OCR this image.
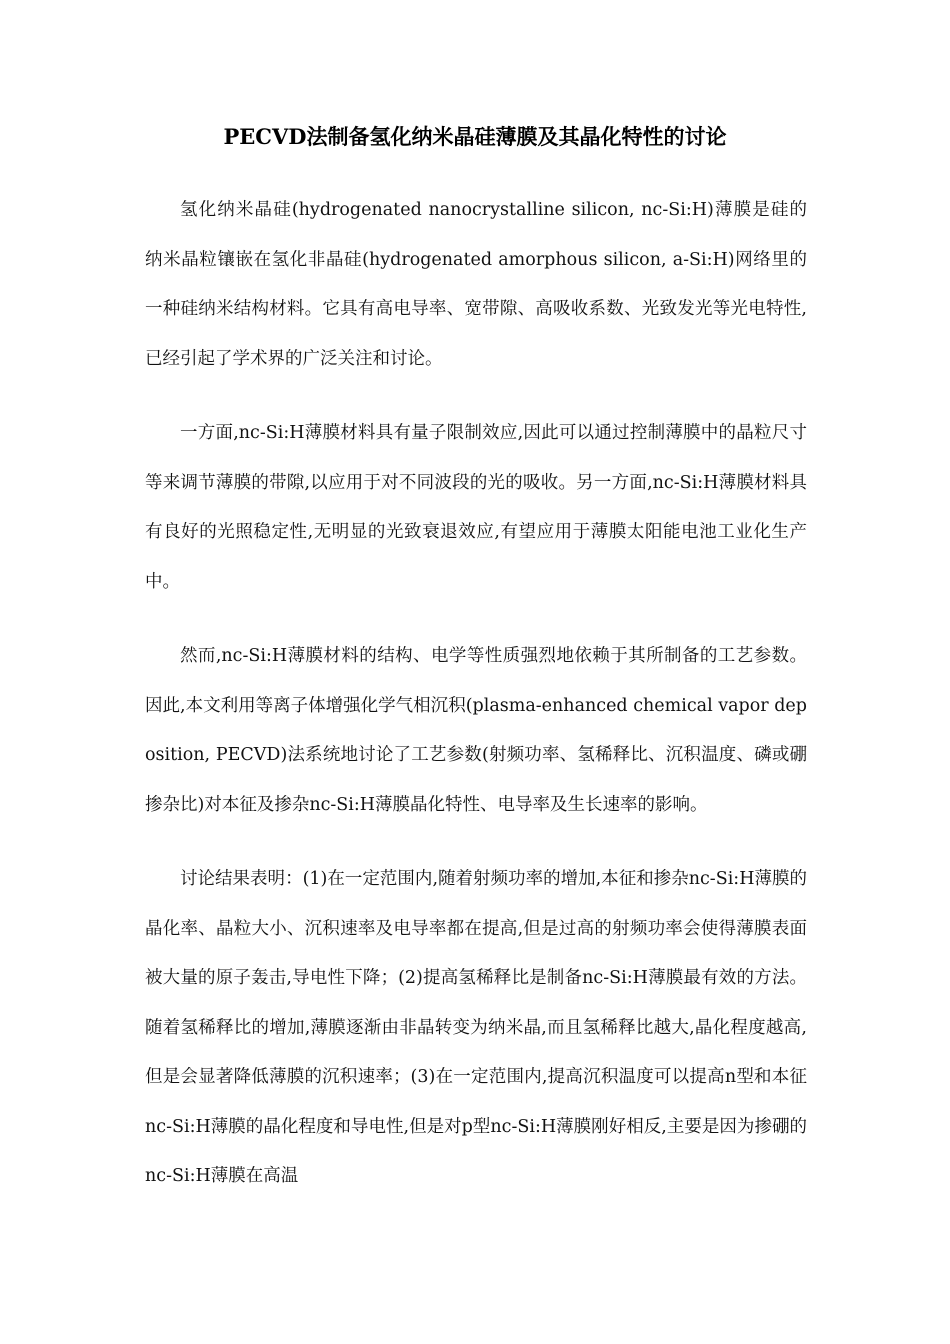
PECVD法制备氢化纳米晶硅薄膜及其晶化特性的讨论

氢化纳米晶硅(hydrogenated nanocrystalline silicon, nc-Si:H)薄膜是硅的纳米晶粒镶嵌在氢化非晶硅(hydrogenated amorphous silicon, a-Si:H)网络里的一种硅纳米结构材料。它具有高电导率、宽带隙、高吸收系数、光致发光等光电特性,已经引起了学术界的广泛关注和讨论。

一方面,nc-Si:H薄膜材料具有量子限制效应,因此可以通过控制薄膜中的晶粒尺寸等来调节薄膜的带隙,以应用于对不同波段的光的吸收。另一方面,nc-Si:H薄膜材料具有良好的光照稳定性,无明显的光致衰退效应,有望应用于薄膜太阳能电池工业化生产中。

然而,nc-Si:H薄膜材料的结构、电学等性质强烈地依赖于其所制备的工艺参数。因此,本文利用等离子体增强化学气相沉积(plasma-enhanced chemical vapor deposition, PECVD)法系统地讨论了工艺参数(射频功率、氢稀释比、沉积温度、磷或硼掺杂比)对本征及掺杂nc-Si:H薄膜晶化特性、电导率及生长速率的影响。

讨论结果表明：(1)在一定范围内,随着射频功率的增加,本征和掺杂nc-Si:H薄膜的晶化率、晶粒大小、沉积速率及电导率都在提高,但是过高的射频功率会使得薄膜表面被大量的原子轰击,导电性下降；(2)提高氢稀释比是制备nc-Si:H薄膜最有效的方法。随着氢稀释比的增加,薄膜逐渐由非晶转变为纳米晶,而且氢稀释比越大,晶化程度越高,但是会显著降低薄膜的沉积速率；(3)在一定范围内,提高沉积温度可以提高n型和本征nc-Si:H薄膜的晶化程度和导电性,但是对p型nc-Si:H薄膜刚好相反,主要是因为掺硼的nc-Si:H薄膜在高温
